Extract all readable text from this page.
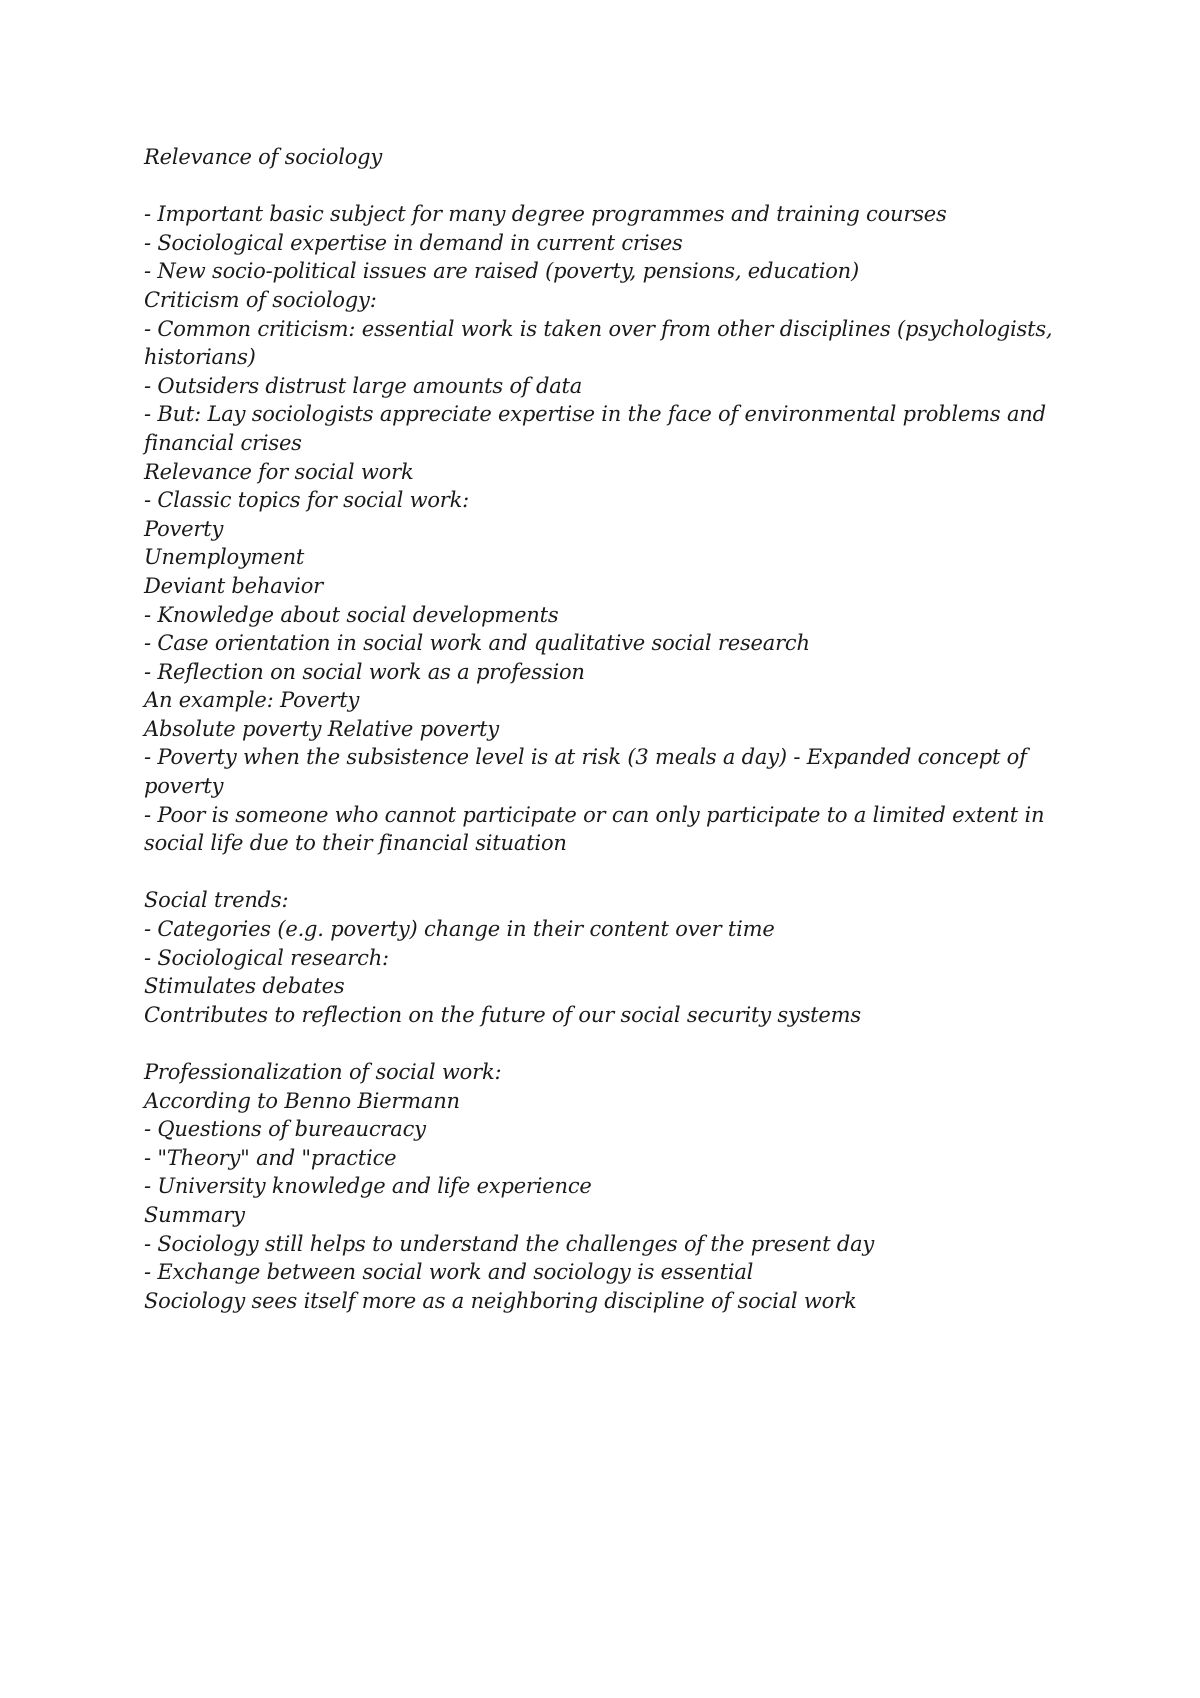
Relevance of sociology
- Important basic subject for many degree programmes and training courses
- Sociological expertise in demand in current crises
- New socio-political issues are raised (poverty, pensions, education)
Criticism of sociology:
- Common criticism: essential work is taken over from other disciplines (psychologists,
historians)
- Outsiders distrust large amounts of data
- But: Lay sociologists appreciate expertise in the face of environmental problems and
financial crises
Relevance for social work
- Classic topics for social work:
Poverty
Unemployment
Deviant behavior
- Knowledge about social developments
- Case orientation in social work and qualitative social research
- Reflection on social work as a profession
An example: Poverty
Absolute poverty Relative poverty
- Poverty when the subsistence level is at risk (3 meals a day) - Expanded concept of
poverty
- Poor is someone who cannot participate or can only participate to a limited extent in
social life due to their financial situation
Social trends:
- Categories (e.g. poverty) change in their content over time
- Sociological research:
Stimulates debates
Contributes to reflection on the future of our social security systems
Professionalization of social work:
According to Benno Biermann
- Questions of bureaucracy
- "Theory" and "practice
- University knowledge and life experience
Summary
- Sociology still helps to understand the challenges of the present day
- Exchange between social work and sociology is essential
Sociology sees itself more as a neighboring discipline of social work
